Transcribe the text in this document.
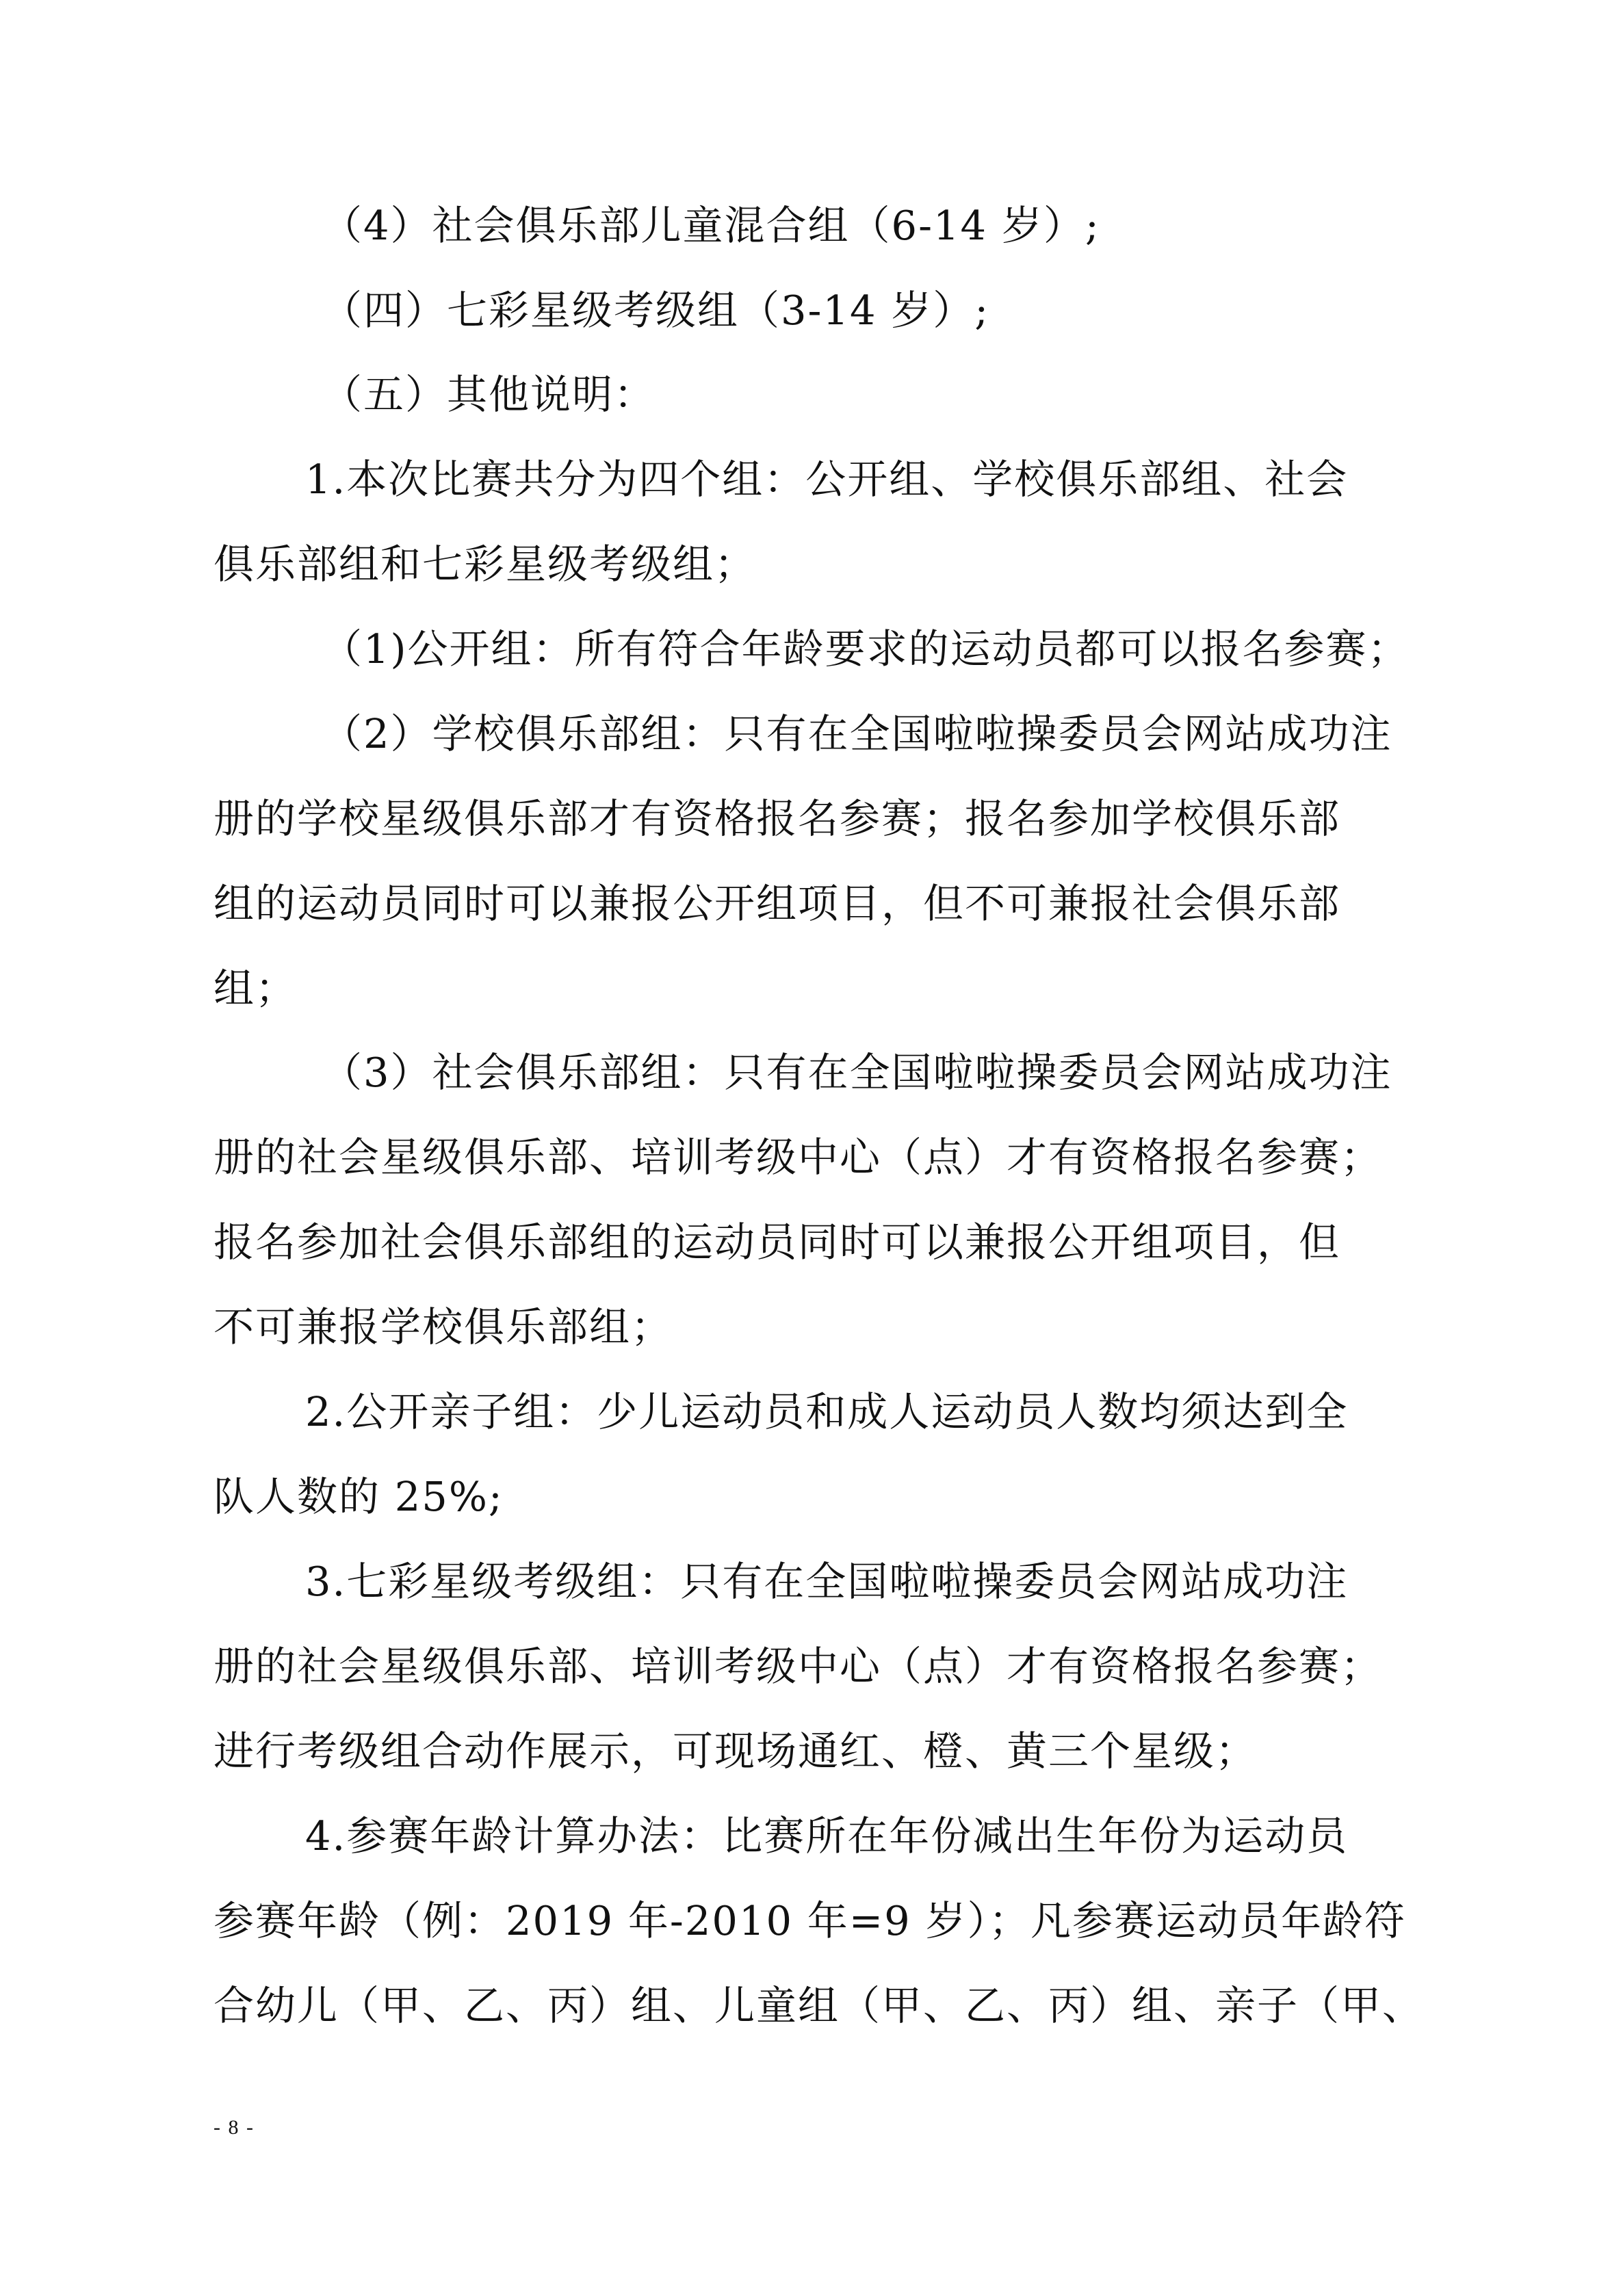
（4）社会俱乐部儿童混合组（6-14 岁）;
（四）七彩星级考级组（3-14 岁）;
（五）其他说明：
1.本次比赛共分为四个组：公开组、学校俱乐部组、社会
俱乐部组和七彩星级考级组；
（1)公开组：所有符合年龄要求的运动员都可以报名参赛；
（2）学校俱乐部组：只有在全国啦啦操委员会网站成功注
册的学校星级俱乐部才有资格报名参赛；报名参加学校俱乐部
组的运动员同时可以兼报公开组项目，但不可兼报社会俱乐部
组；
（3）社会俱乐部组：只有在全国啦啦操委员会网站成功注
册的社会星级俱乐部、培训考级中心（点）才有资格报名参赛；
报名参加社会俱乐部组的运动员同时可以兼报公开组项目，但
不可兼报学校俱乐部组；
2.公开亲子组：少儿运动员和成人运动员人数均须达到全
队人数的 25%;
3.七彩星级考级组：只有在全国啦啦操委员会网站成功注
册的社会星级俱乐部、培训考级中心（点）才有资格报名参赛；
进行考级组合动作展示，可现场通红、橙、黄三个星级；
4.参赛年龄计算办法：比赛所在年份减出生年份为运动员
参赛年龄（例：2019 年-2010 年=9 岁）；凡参赛运动员年龄符
合幼儿（甲、乙、丙）组、儿童组（甲、乙、丙）组、亲子（甲、
- 8 -
